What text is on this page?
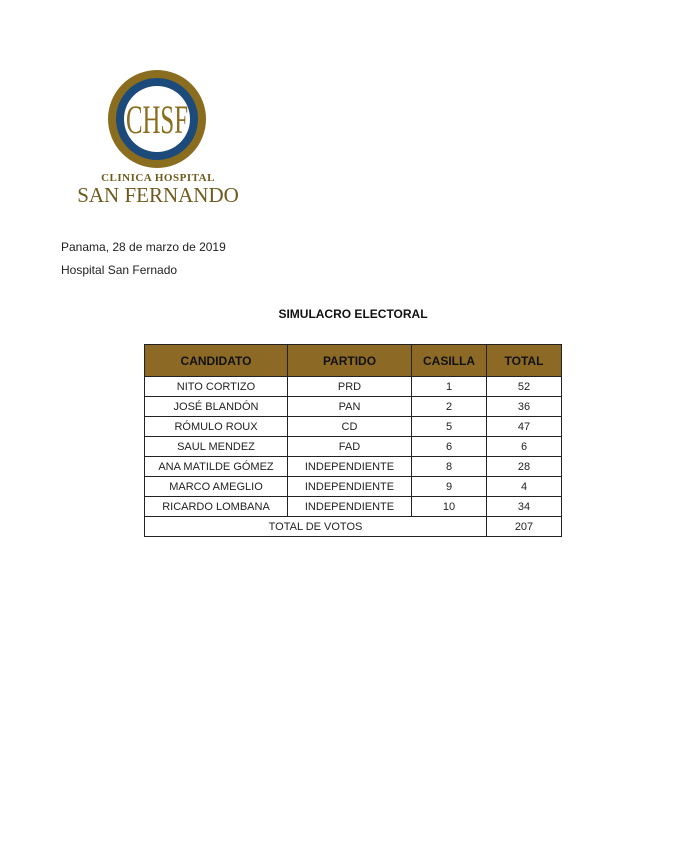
CHSF
CLINICA HOSPITAL
SAN FERNANDO
Panama, 28 de marzo de 2019
Hospital San Fernado
SIMULACRO ELECTORAL
CANDIDATO	PARTIDO	CASILLA	TOTAL
NITO CORTIZO	PRD	1	52
JOSÉ BLANDÓN	PAN	2	36
RÓMULO ROUX	CD	5	47
SAUL MENDEZ	FAD	6	6
ANA MATILDE GÓMEZ	INDEPENDIENTE	8	28
MARCO AMEGLIO	INDEPENDIENTE	9	4
RICARDO LOMBANA	INDEPENDIENTE	10	34
TOTAL DE VOTOS			207
